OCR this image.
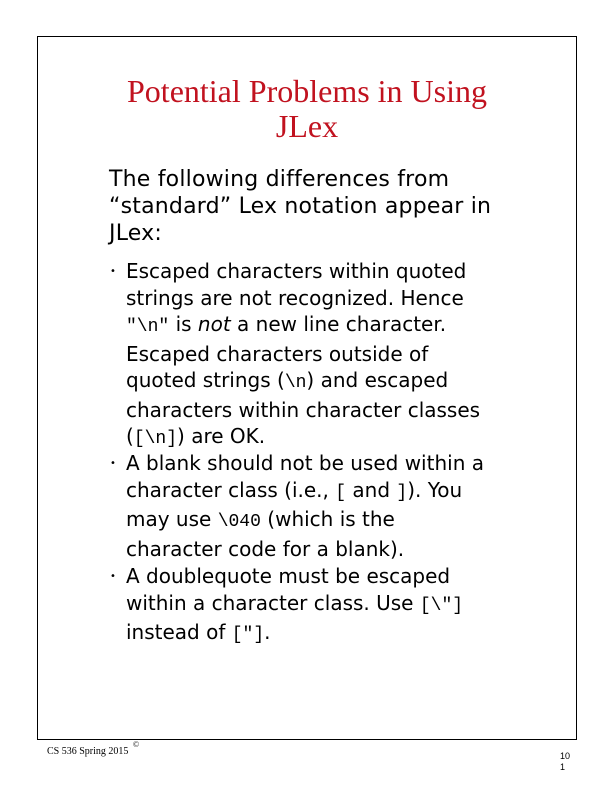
Potential Problems in Using
JLex
The following differences from
“standard” Lex notation appear in
JLex:
• Escaped characters within quoted
strings are not recognized. Hence
"\n" is not a new line character.
Escaped characters outside of
quoted strings (\n) and escaped
characters within character classes
([\n]) are OK.
• A blank should not be used within a
character class (i.e., [ and ]). You
may use \040 (which is the
character code for a blank).
• A doublequote must be escaped
within a character class. Use [\"]
instead of ["].
CS 536 Spring 2015
©
10
1
